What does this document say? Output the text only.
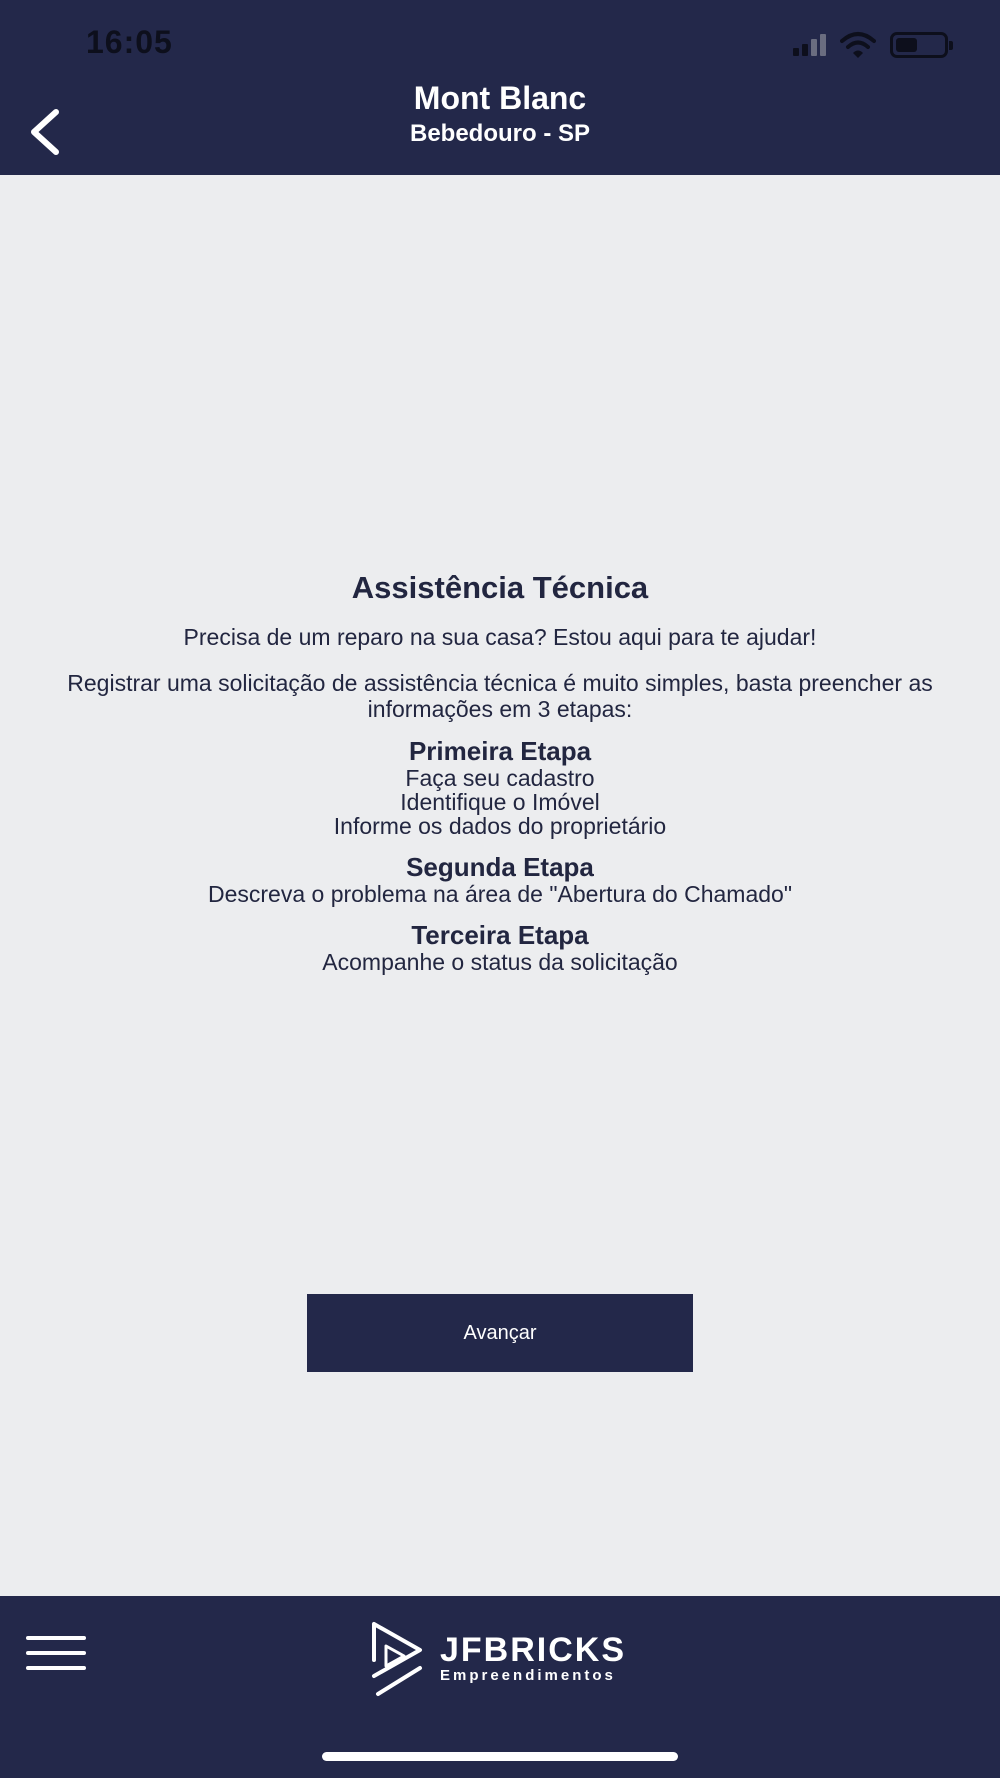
16:05
Mont Blanc
Bebedouro - SP
Assistência Técnica
Precisa de um reparo na sua casa? Estou aqui para te ajudar!
Registrar uma solicitação de assistência técnica é muito simples, basta preencher as informações em 3 etapas:
Primeira Etapa
Faça seu cadastro
Identifique o Imóvel
Informe os dados do proprietário
Segunda Etapa
Descreva o problema na área de "Abertura do Chamado"
Terceira Etapa
Acompanhe o status da solicitação
Avançar
JFBRICKS
Empreendimentos
